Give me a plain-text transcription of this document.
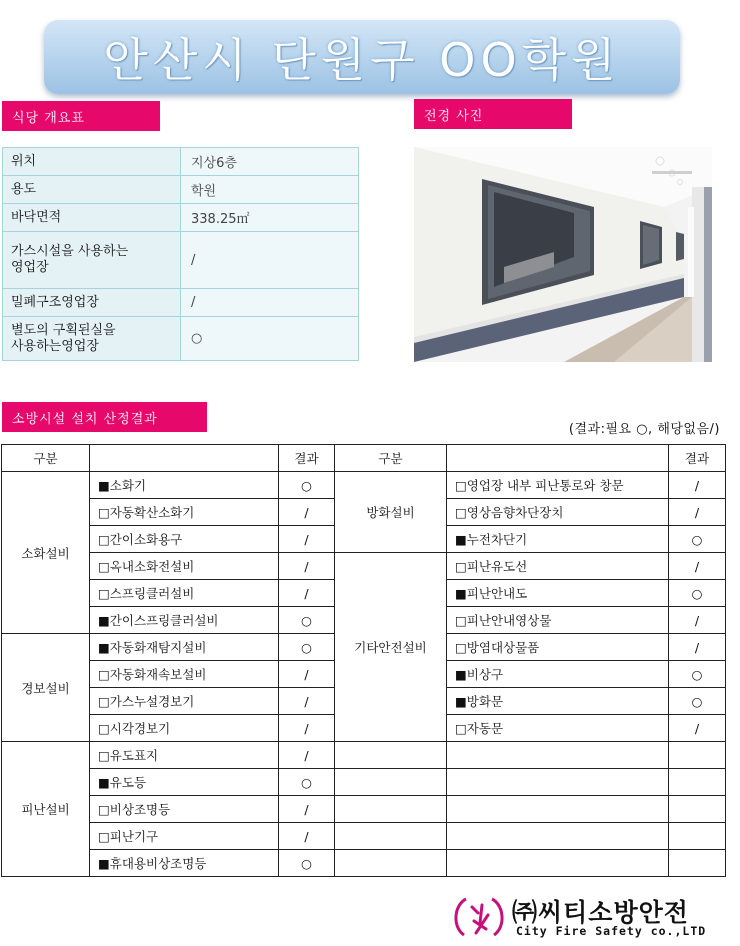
안산시 단원구 OO학원
식당 개요표	전경 사진
위치	지상6층
용도	학원
바닥면적	338.25㎡
가스시설을 사용하는
영업장	/
밀폐구조영업장	/
별도의 구획된실을
사용하는영업장	○
소방시설 설치 산정결과
(결과:필요 ○, 해당없음/)
구분		결과	구분		결과
소화설비	■소화기	○	방화설비	□영업장 내부 피난통로와 창문	/
	□자동확산소화기	/		□영상음향차단장치	/
	□간이소화용구	/		■누전차단기	○
	□옥내소화전설비	/	기타안전설비	□피난유도선	/
	□스프링클러설비	/		■피난안내도	○
	■간이스프링클러설비	○		□피난안내영상물	/
경보설비	■자동화재탐지설비	○		□방염대상물품	/
	□자동화재속보설비	/		■비상구	○
	□가스누설경보기	/		■방화문	○
	□시각경보기	/		□자동문	/
피난설비	□유도표지	/			
	■유도등	○			
	□비상조명등	/			
	□피난기구	/			
	■휴대용비상조명등	○			
㈜씨티소방안전
City Fire Safety co.,LTD
